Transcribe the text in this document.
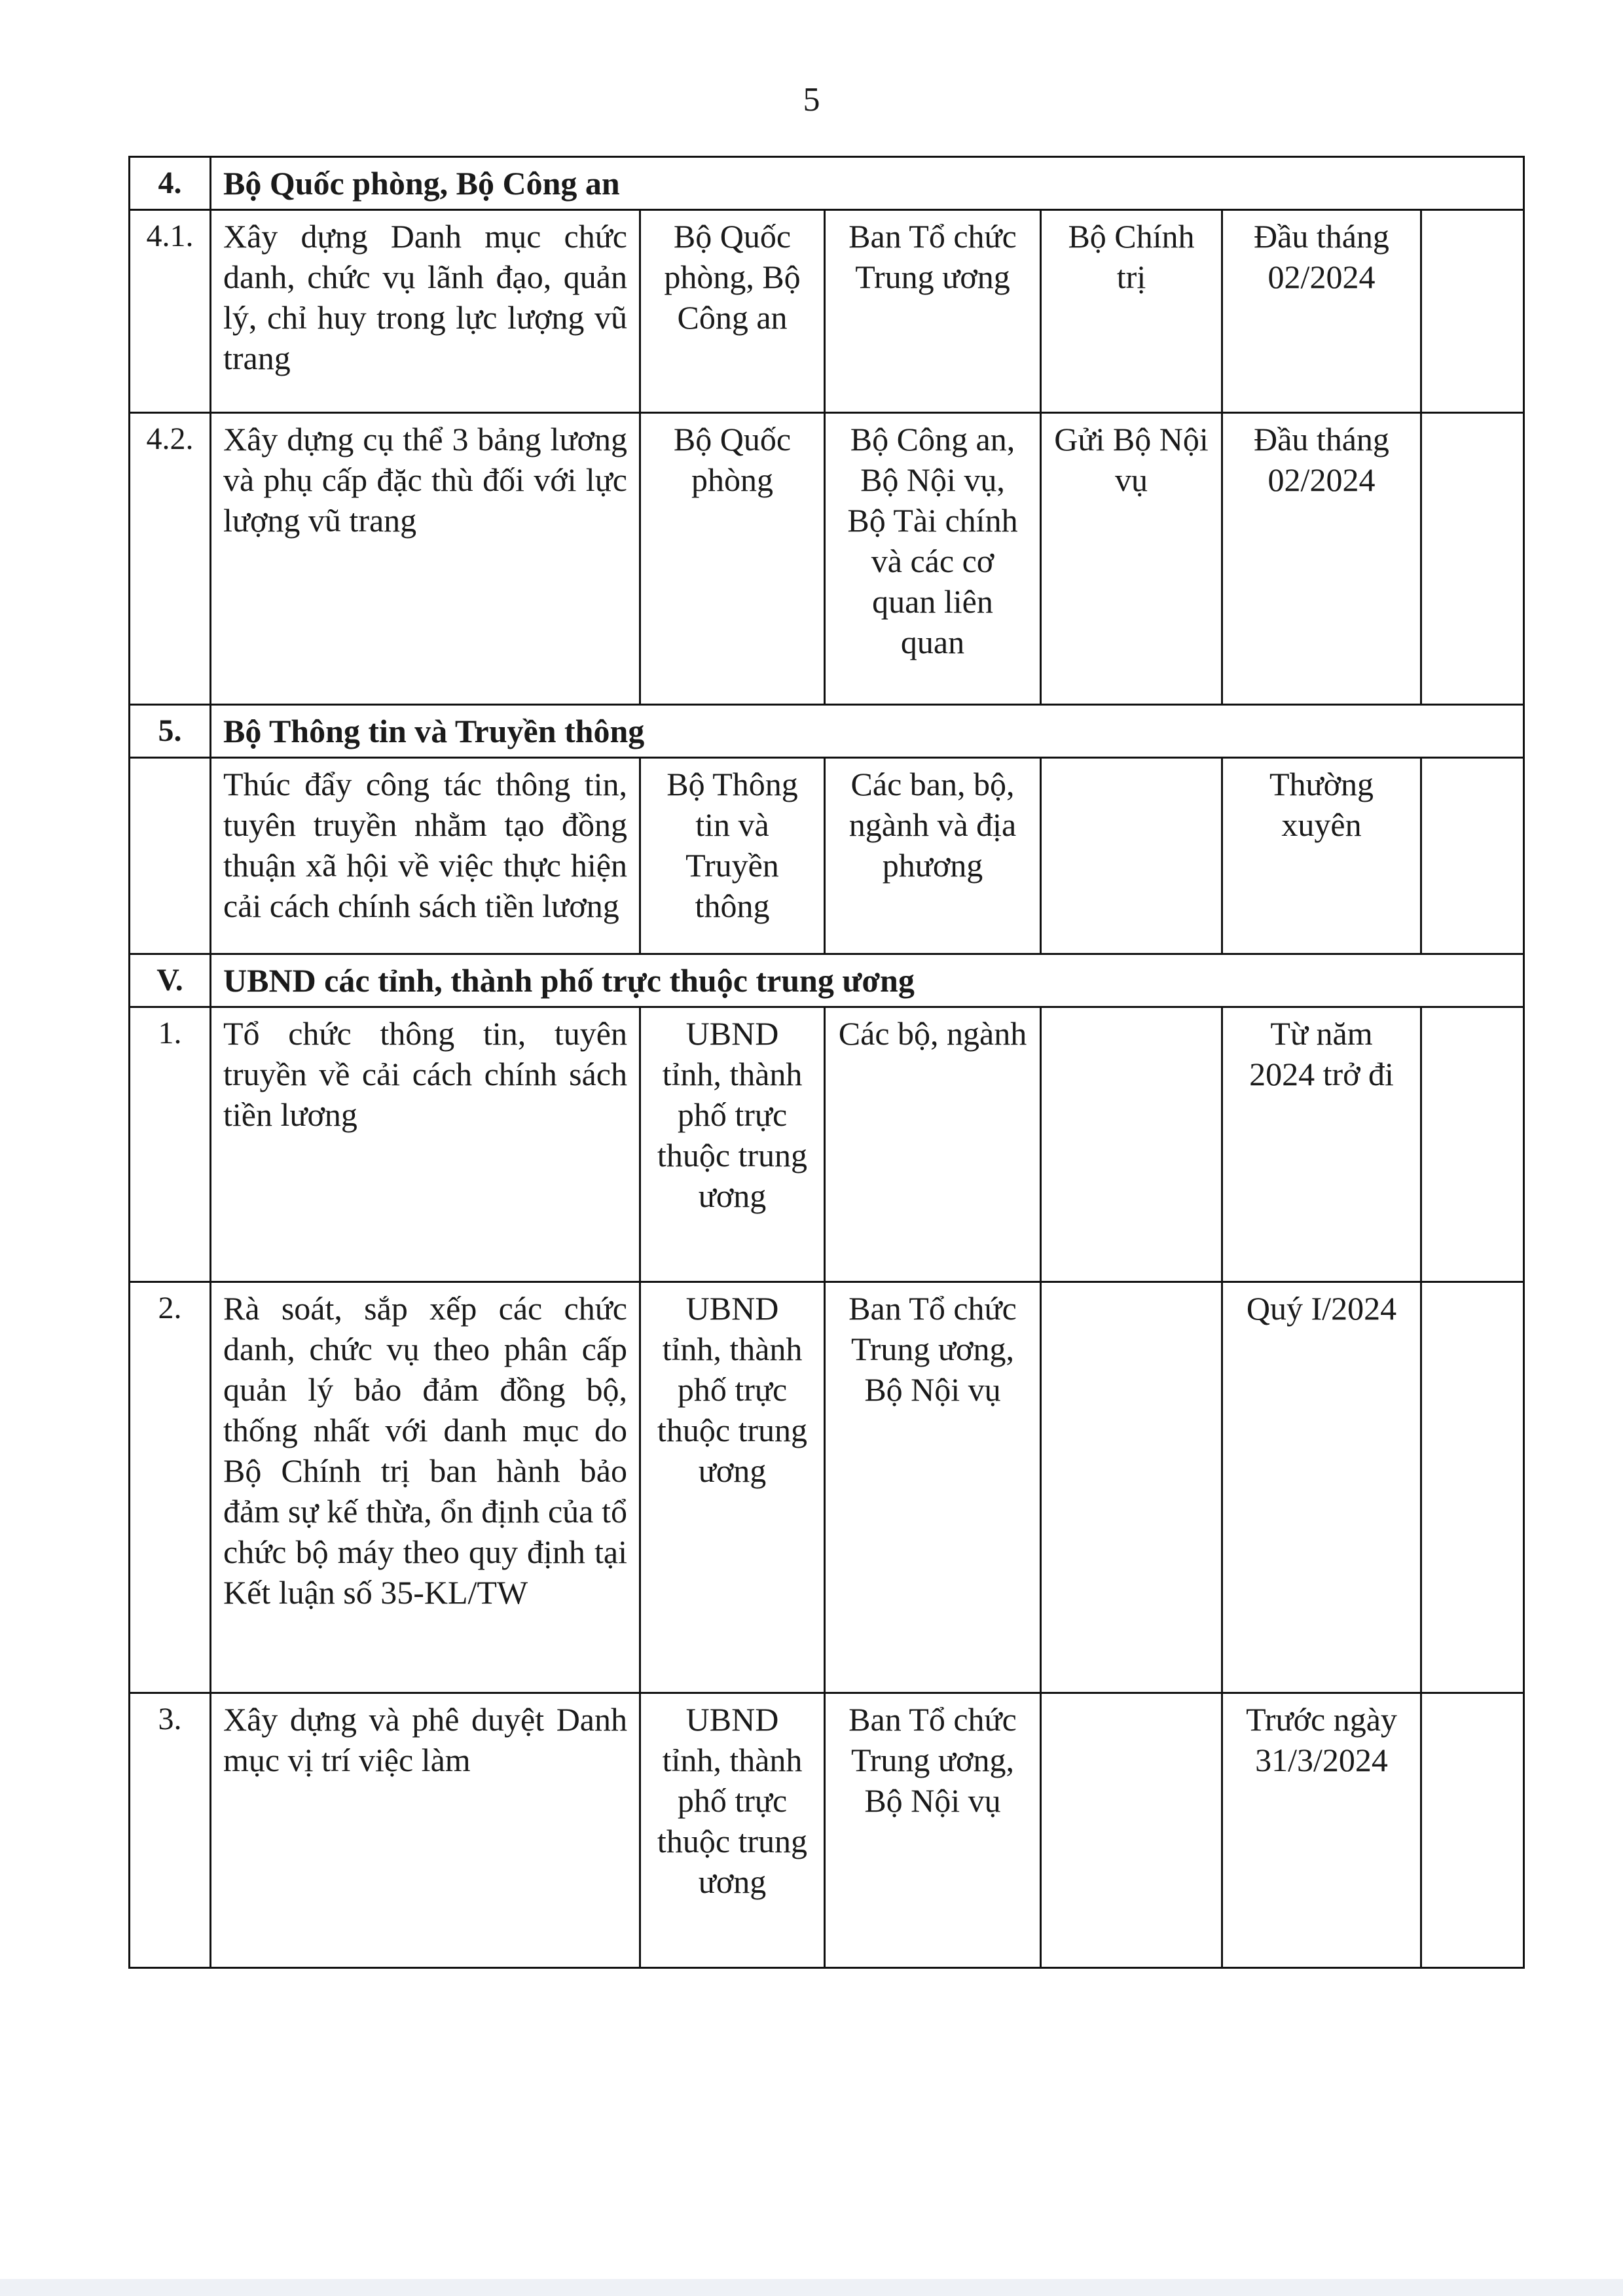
5
4.	Bộ Quốc phòng, Bộ Công an					
4.1.	Xây dựng Danh mục chức danh, chức vụ lãnh đạo, quản lý, chỉ huy trong lực lượng vũ trang	Bộ Quốc phòng, Bộ Công an	Ban Tổ chức Trung ương	Bộ Chính trị	Đầu tháng 02/2024	
4.2.	Xây dựng cụ thể 3 bảng lương và phụ cấp đặc thù đối với lực lượng vũ trang	Bộ Quốc phòng	Bộ Công an, Bộ Nội vụ, Bộ Tài chính và các cơ quan liên quan	Gửi Bộ Nội vụ	Đầu tháng 02/2024	
5.	Bộ Thông tin và Truyền thông					
	Thúc đẩy công tác thông tin, tuyên truyền nhằm tạo đồng thuận xã hội về việc thực hiện cải cách chính sách tiền lương	Bộ Thông tin và Truyền thông	Các ban, bộ, ngành và địa phương		Thường xuyên	
V.	UBND các tỉnh, thành phố trực thuộc trung ương					
1.	Tổ chức thông tin, tuyên truyền về cải cách chính sách tiền lương	UBND tỉnh, thành phố trực thuộc trung ương	Các bộ, ngành		Từ năm 2024 trở đi	
2.	Rà soát, sắp xếp các chức danh, chức vụ theo phân cấp quản lý bảo đảm đồng bộ, thống nhất với danh mục do Bộ Chính trị ban hành bảo đảm sự kế thừa, ổn định của tổ chức bộ máy theo quy định tại Kết luận số 35-KL/TW	UBND tỉnh, thành phố trực thuộc trung ương	Ban Tổ chức Trung ương, Bộ Nội vụ		Quý I/2024	
3.	Xây dựng và phê duyệt Danh mục vị trí việc làm	UBND tỉnh, thành phố trực thuộc trung ương	Ban Tổ chức Trung ương, Bộ Nội vụ		Trước ngày 31/3/2024	
